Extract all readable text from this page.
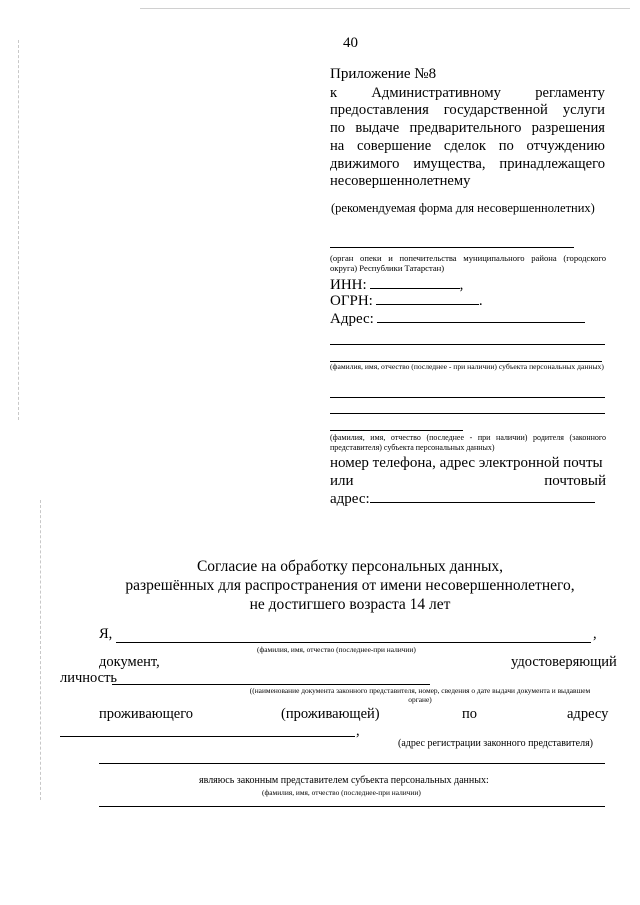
40
Приложение №8
к Административному регламенту
предоставления государственной услуги
по выдаче предварительного разрешения
на совершение сделок по отчуждению
движимого имущества, принадлежащего
несовершеннолетнему
(рекомендуемая форма для несовершеннолетних)
(орган опеки и попечительства муниципального района (городского округа) Республики Татарстан)
ИНН:	,
ОГРН:	.
Адрес:
(фамилия, имя, отчество (последнее - при наличии) субъекта персональных данных)
(фамилия, имя, отчество (последнее - при наличии) родителя (законного представителя) субъекта персональных данных)
номер телефона, адрес электронной почты
или	почтовый
адрес:
Согласие на обработку персональных данных,
разрешённых для распространения от имени несовершеннолетнего,
не достигшего возраста 14 лет
Я,	,
(фамилия, имя, отчество (последнее-при наличии)
документ,	удостоверяющий
личность
((наименование документа законного представителя, номер, сведения о дате выдачи документа и выдавшем органе)
проживающего	(проживающей)	по	адресу
,
(адрес регистрации законного представителя)
являюсь законным представителем субъекта персональных данных:
(фамилия, имя, отчество (последнее-при наличии)
